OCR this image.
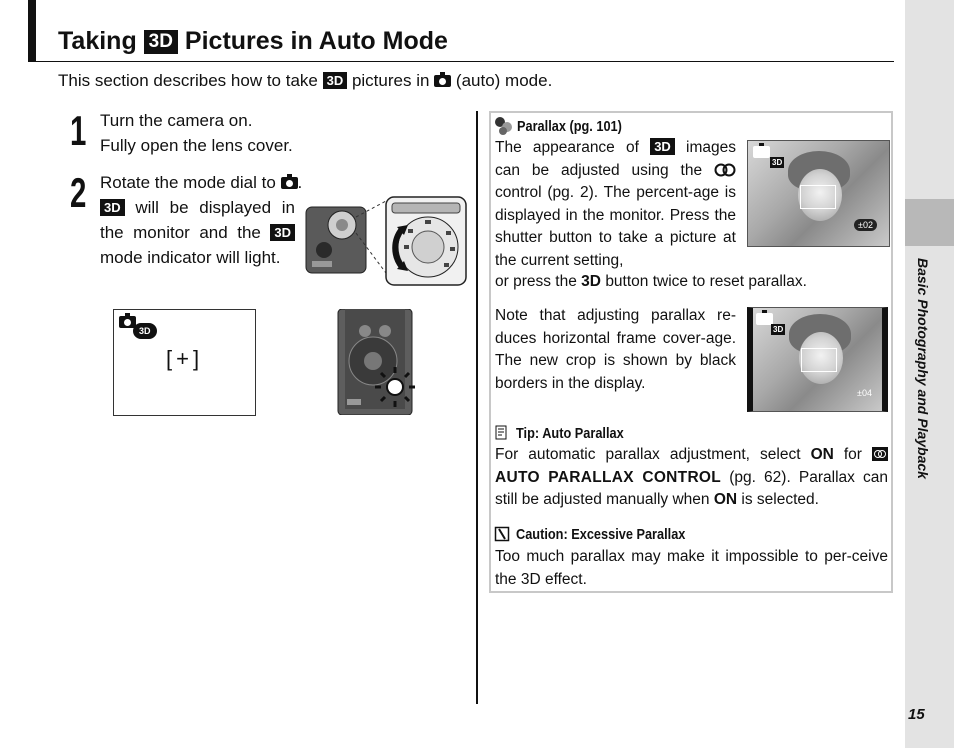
Taking 3D Pictures in Auto Mode
This section describes how to take 3D pictures in (auto) mode.
1 Turn the camera on.
Fully open the lens cover.
2 Rotate the mode dial to .
3D will be displayed in the monitor and the 3D mode indicator will light.
3D
[+]
Parallax (pg. 101)
The appearance of 3D images can be adjusted using the  control (pg. 2). The percent-age is displayed in the monitor. Press the shutter button to take a picture at the current setting,
or press the 3D button twice to reset parallax.
3D
±02
Note that adjusting parallax re-duces horizontal frame cover-age. The new crop is shown by black borders in the display.
3D
±04
Tip: Auto Parallax
For automatic parallax adjustment, select ON for  AUTO PARALLAX CONTROL (pg. 62). Parallax can still be adjusted manually when ON is selected.
Caution: Excessive Parallax
Too much parallax may make it impossible to per-ceive the 3D effect.
Basic Photography and Playback
15
